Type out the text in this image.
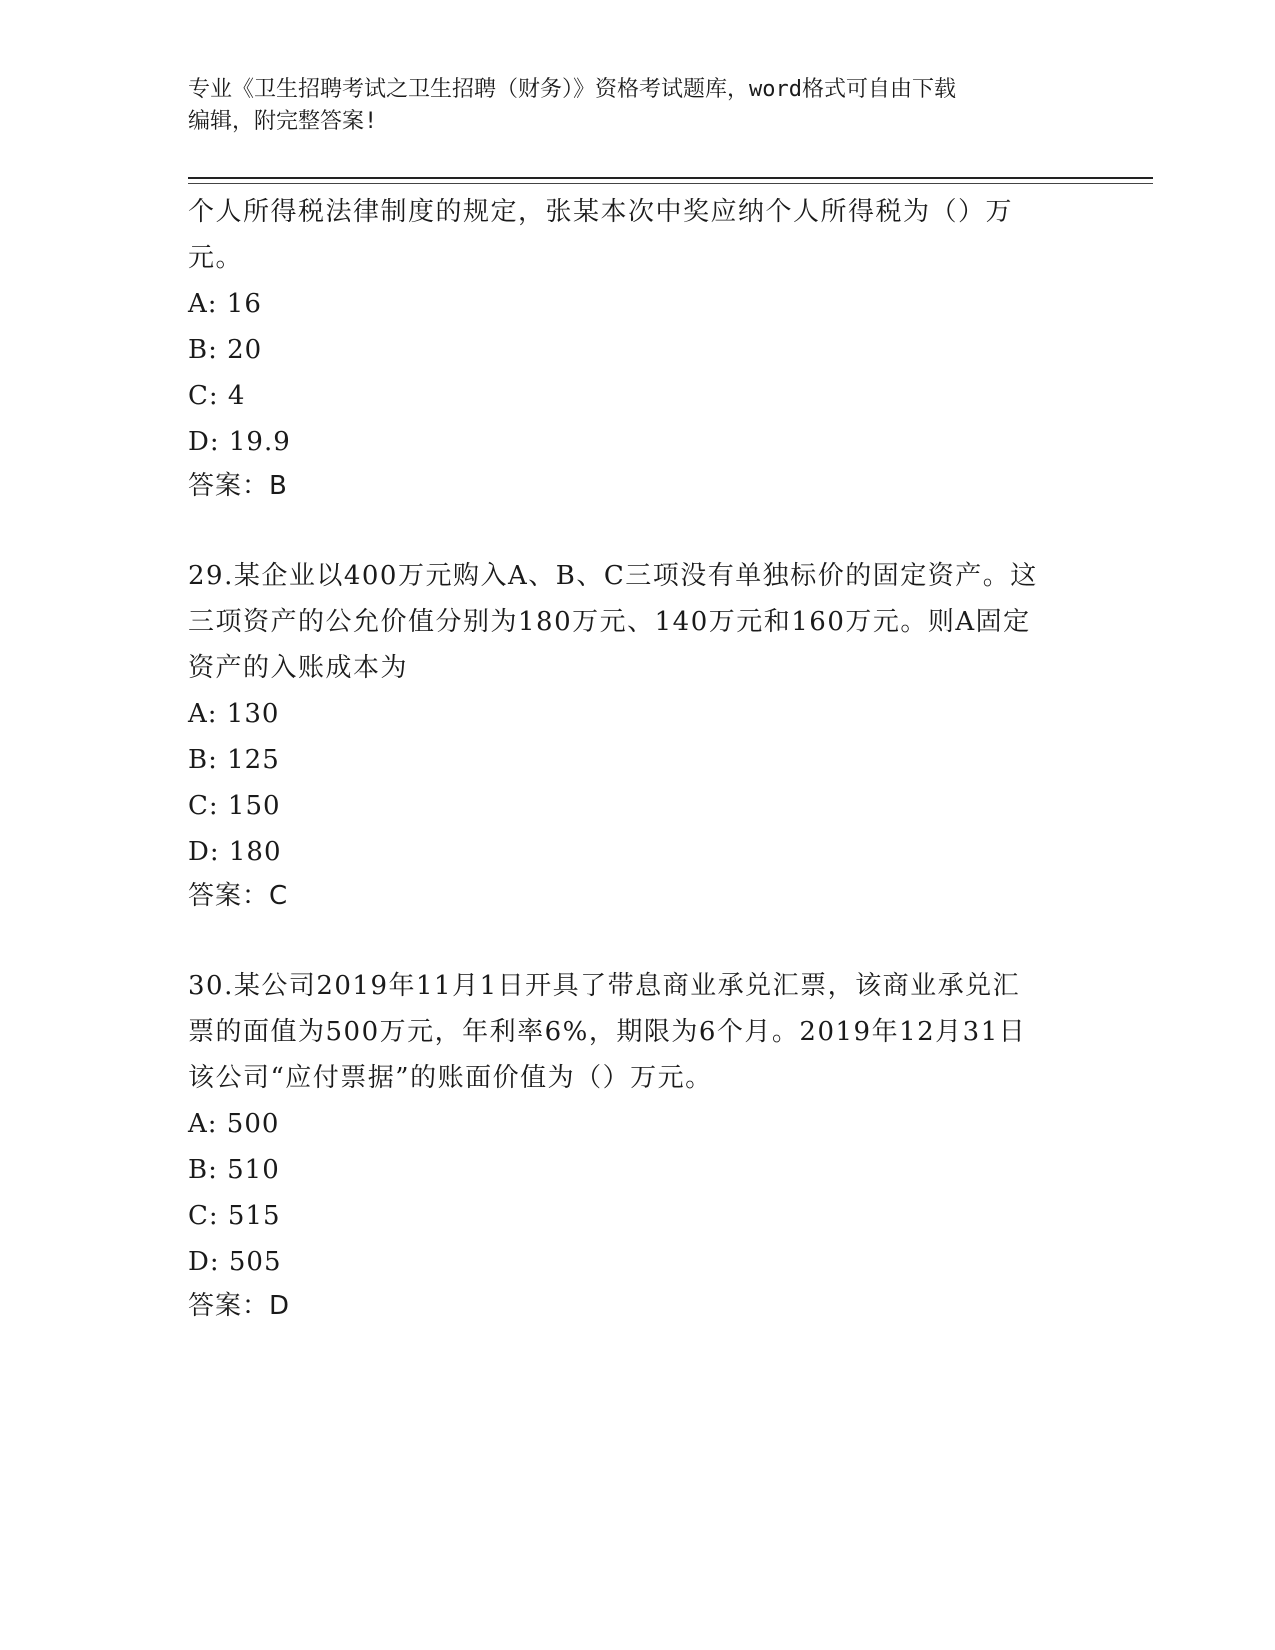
专业《卫生招聘考试之卫生招聘（财务）》资格考试题库，word格式可自由下载
编辑，附完整答案!
个人所得税法律制度的规定，张某本次中奖应纳个人所得税为（）万
元。
A: 16
B: 20
C: 4
D: 19.9
答案：B
29.某企业以400万元购入A、B、C三项没有单独标价的固定资产。这
三项资产的公允价值分别为180万元、140万元和160万元。则A固定
资产的入账成本为
A: 130
B: 125
C: 150
D: 180
答案：C
30.某公司2019年11月1日开具了带息商业承兑汇票，该商业承兑汇
票的面值为500万元，年利率6%，期限为6个月。2019年12月31日
该公司“应付票据”的账面价值为（）万元。
A: 500
B: 510
C: 515
D: 505
答案：D
